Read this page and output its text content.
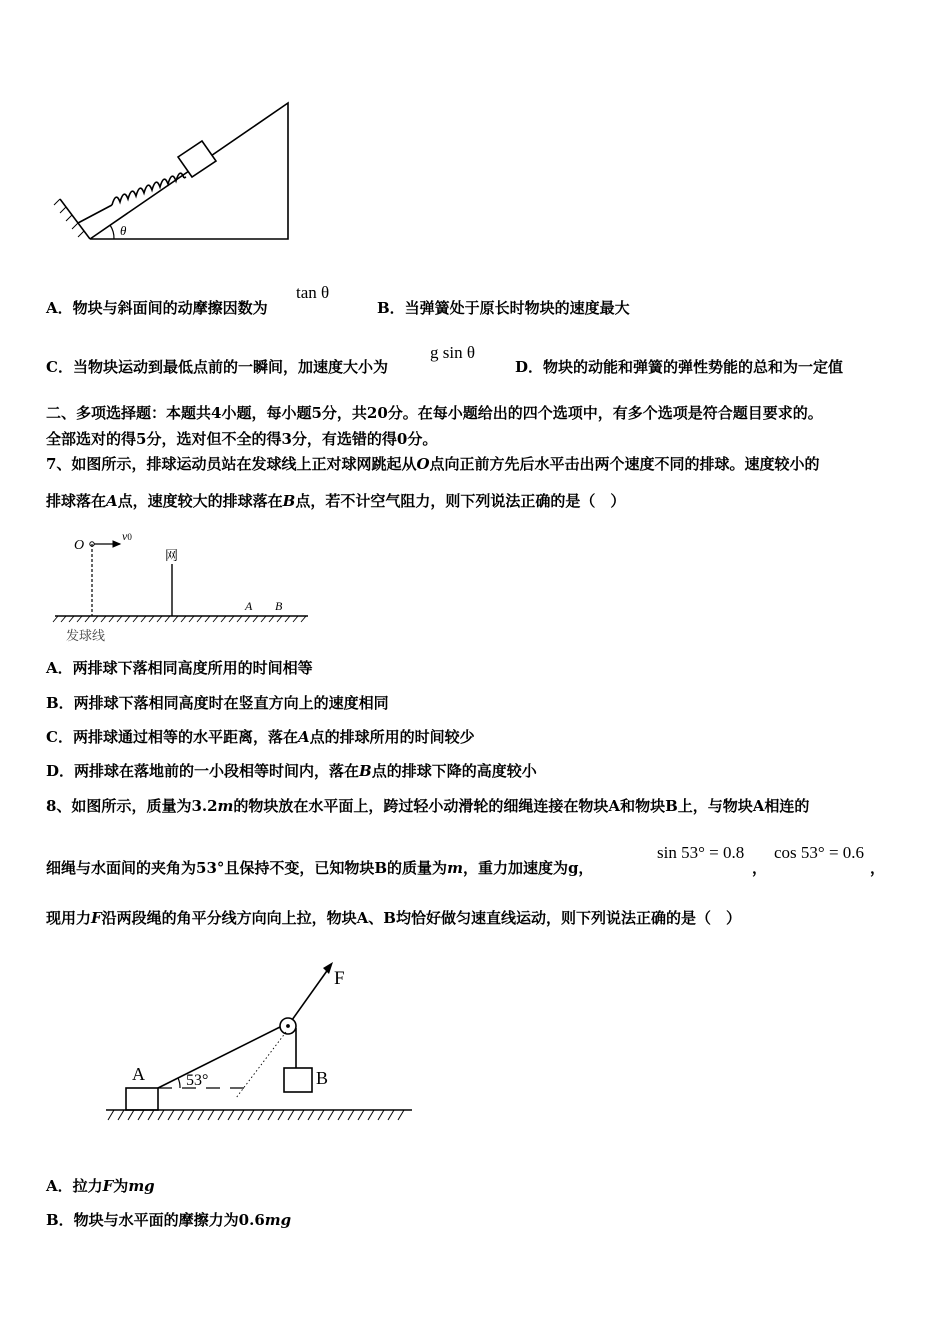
θ
A．物块与斜面间的动摩擦因数为
tan θ
B．当弹簧处于原长时物块的速度最大
C．当物块运动到最低点前的一瞬间，加速度大小为
g sin θ
D．物块的动能和弹簧的弹性势能的总和为一定值
二、多项选择题：本题共4小题，每小题5分，共20分。在每小题给出的四个选项中，有多个选项是符合题目要求的。
全部选对的得5分，选对但不全的得3分，有选错的得0分。
7、如图所示，排球运动员站在发球线上正对球网跳起从O点向正前方先后水平击出两个速度不同的排球。速度较小的
排球落在A点，速度较大的排球落在B点，若不计空气阻力，则下列说法正确的是（　）
O
v0
网
A B
发球线
A．两排球下落相同高度所用的时间相等
B．两排球下落相同高度时在竖直方向上的速度相同
C．两排球通过相等的水平距离，落在A点的排球所用的时间较少
D．两排球在落地前的一小段相等时间内，落在B点的排球下降的高度较小
8、如图所示，质量为3.2m的物块放在水平面上，跨过轻小动滑轮的细绳连接在物块A和物块B上，与物块A相连的
细绳与水面间的夹角为53°且保持不变，已知物块B的质量为m，重力加速度为g，
sin 53° = 0.8
，
cos 53° = 0.6
，
现用力F沿两段绳的角平分线方向向上拉，物块A、B均恰好做匀速直线运动，则下列说法正确的是（　）
F
A	B
53°
A．拉力F为mg
B．物块与水平面的摩擦力为0.6mg
